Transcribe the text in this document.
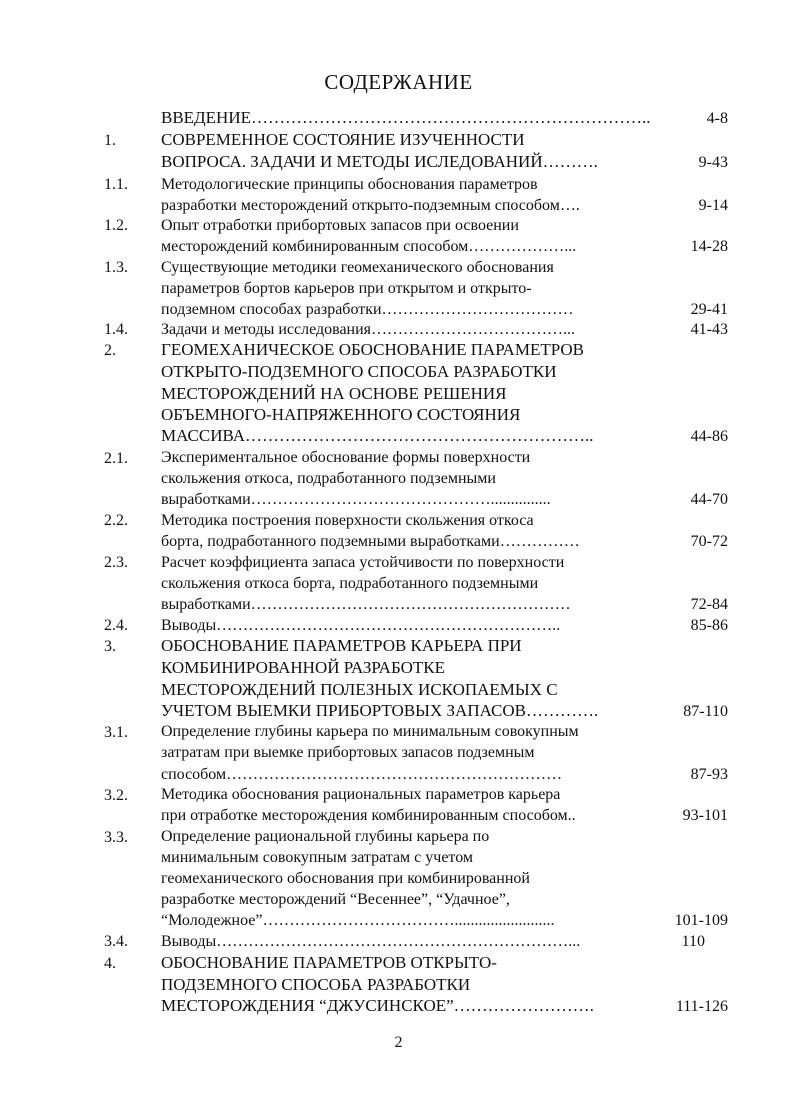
СОДЕРЖАНИЕ
ВВЕДЕНИЕ……………………………………………………………..	4-8
1.	СОВРЕМЕННОЕ СОСТОЯНИЕ ИЗУЧЕННОСТИ
ВОПРОСА. ЗАДАЧИ И МЕТОДЫ ИСЛЕДОВАНИЙ……….	9-43
1.1. Методологические принципы обоснования параметров
разработки месторождений открыто-подземным способом….	9-14
1.2. Опыт отработки прибортовых запасов при освоении
месторождений комбинированным способом………………...	14-28
1.3. Существующие методики геомеханического обоснования
параметров бортов карьеров при открытом и открыто-
подземном способах разработки………………………………	29-41
1.4. Задачи и методы исследования………………………………...	41-43
2.	ГЕОМЕХАНИЧЕСКОЕ ОБОСНОВАНИЕ ПАРАМЕТРОВ
ОТКРЫТО-ПОДЗЕМНОГО СПОСОБА РАЗРАБОТКИ
МЕСТОРОЖДЕНИЙ НА ОСНОВЕ РЕШЕНИЯ
ОБЪЕМНОГО-НАПРЯЖЕННОГО СОСТОЯНИЯ
МАССИВА……………………………………………………..	44-86
2.1. Экспериментальное обоснование формы поверхности
скольжения откоса, подработанного подземными
выработками………………………………………...............	44-70
2.2. Методика построения поверхности скольжения откоса
борта, подработанного подземными выработками……………	70-72
2.3. Расчет коэффициента запаса устойчивости по поверхности
скольжения откоса борта, подработанного подземными
выработками……………………………………………………	72-84
2.4. Выводы………………………………………………………..	85-86
3.	ОБОСНОВАНИЕ ПАРАМЕТРОВ КАРЬЕРА ПРИ
КОМБИНИРОВАННОЙ РАЗРАБОТКЕ
МЕСТОРОЖДЕНИЙ ПОЛЕЗНЫХ ИСКОПАЕМЫХ С
УЧЕТОМ ВЫЕМКИ ПРИБОРТОВЫХ ЗАПАСОВ………….	87-110
3.1. Определение глубины карьера по минимальным совокупным
затратам при выемке прибортовых запасов подземным
способом………………………………………………………	87-93
3.2. Методика обоснования рациональных параметров карьера
при отработке месторождения комбинированным способом..	93-101
3.3. Определение рациональной глубины карьера по
минимальным совокупным затратам с учетом
геомеханического обоснования при комбинированной
разработке месторождений “Весеннее”, “Удачное”,
“Молодежное”……………………………….........................	101-109
3.4. Выводы…………………………………………………………...	110
4.	ОБОСНОВАНИЕ ПАРАМЕТРОВ ОТКРЫТО-
ПОДЗЕМНОГО СПОСОБА РАЗРАБОТКИ
МЕСТОРОЖДЕНИЯ “ДЖУСИНСКОЕ”…………………….	111-126
2
